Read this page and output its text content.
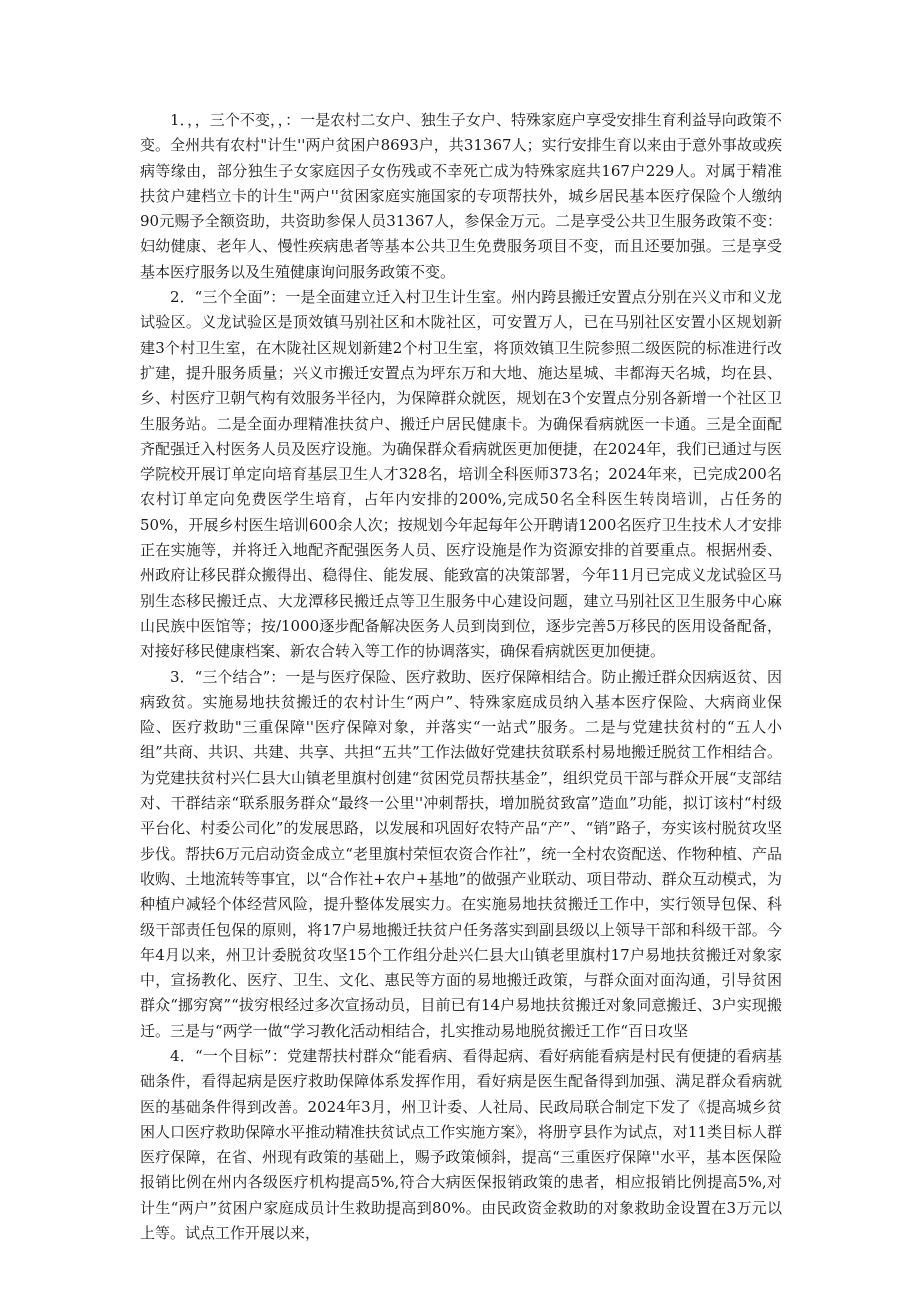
1．，，三个不变，，：一是农村二女户、独生子女户、特殊家庭户享受安排生育利益导向政策不变。全州共有农村"计生''两户贫困户8693户，共31367人；实行安排生育以来由于意外事故或疾病等缘由，部分独生子女家庭因子女伤残或不幸死亡成为特殊家庭共167户229人。对属于精准扶贫户建档立卡的计生"两户''贫困家庭实施国家的专项帮扶外，城乡居民基本医疗保险个人缴纳90元赐予全额资助，共资助参保人员31367人，参保金万元。二是享受公共卫生服务政策不变：妇幼健康、老年人、慢性疾病患者等基本公共卫生免费服务项目不变，而且还要加强。三是享受基本医疗服务以及生殖健康询问服务政策不变。

2．“三个全面”：一是全面建立迁入村卫生计生室。州内跨县搬迁安置点分别在兴义市和义龙试验区。义龙试验区是顶效镇马别社区和木陇社区，可安置万人，已在马别社区安置小区规划新建3个村卫生室，在木陇社区规划新建2个村卫生室，将顶效镇卫生院参照二级医院的标准进行改扩建，提升服务质量；兴义市搬迁安置点为坪东万和大地、施达星城、丰都海天名城，均在县、乡、村医疗卫朝气构有效服务半径内，为保障群众就医，规划在3个安置点分别各新增一个社区卫生服务站。二是全面办理精准扶贫户、搬迁户居民健康卡。为确保看病就医一卡通。三是全面配齐配强迁入村医务人员及医疗设施。为确保群众看病就医更加便捷，在2024年，我们已通过与医学院校开展订单定向培育基层卫生人才328名，培训全科医师373名；2024年来，已完成200名农村订单定向免费医学生培育，占年内安排的200%,完成50名全科医生转岗培训，占任务的50%，开展乡村医生培训600余人次；按规划今年起每年公开聘请1200名医疗卫生技术人才安排正在实施等，并将迁入地配齐配强医务人员、医疗设施是作为资源安排的首要重点。根据州委、州政府让移民群众搬得出、稳得住、能发展、能致富的决策部署，今年11月已完成义龙试验区马别生态移民搬迁点、大龙潭移民搬迁点等卫生服务中心建设问题，建立马别社区卫生服务中心麻山民族中医馆等；按/1000逐步配备解决医务人员到岗到位，逐步完善5万移民的医用设备配备，对接好移民健康档案、新农合转入等工作的协调落实，确保看病就医更加便捷。

3．“三个结合”：一是与医疗保险、医疗救助、医疗保障相结合。防止搬迁群众因病返贫、因病致贫。实施易地扶贫搬迁的农村计生“两户”、特殊家庭成员纳入基本医疗保险、大病商业保险、医疗救助"三重保障''医疗保障对象，并落实“一站式”服务。二是与党建扶贫村的“五人小组”共商、共识、共建、共享、共担“五共”工作法做好党建扶贫联系村易地搬迁脱贫工作相结合。为党建扶贫村兴仁县大山镇老里旗村创建“贫困党员帮扶基金”，组织党员干部与群众开展“支部结对、干群结亲“联系服务群众“最终一公里''冲刺帮扶，增加脱贫致富”造血”功能，拟订该村“村级平台化、村委公司化”的发展思路，以发展和巩固好农特产品“产”、“销”路子，夯实该村脱贫攻坚步伐。帮扶6万元启动资金成立“老里旗村荣恒农资合作社”，统一全村农资配送、作物种植、产品收购、土地流转等事宜，以“合作社+农户+基地”的做强产业联动、项目带动、群众互动模式，为种植户减轻个体经营风险，提升整体发展实力。在实施易地扶贫搬迁工作中，实行领导包保、科级干部责任包保的原则，将17户易地搬迁扶贫户任务落实到副县级以上领导干部和科级干部。今年4月以来，州卫计委脱贫攻坚15个工作组分赴兴仁县大山镇老里旗村17户易地扶贫搬迁对象家中，宣扬教化、医疗、卫生、文化、惠民等方面的易地搬迁政策，与群众面对面沟通，引导贫困群众“挪穷窝”“拔穷根经过多次宣扬动员，目前已有14户易地扶贫搬迁对象同意搬迁、3户实现搬迁。三是与“两学一做“学习教化活动相结合，扎实推动易地脱贫搬迁工作“百日攻坚

4．“一个目标”：党建帮扶村群众“能看病、看得起病、看好病能看病是村民有便捷的看病基础条件，看得起病是医疗救助保障体系发挥作用，看好病是医生配备得到加强、满足群众看病就医的基础条件得到改善。2024年3月，州卫计委、人社局、民政局联合制定下发了《提高城乡贫困人口医疗救助保障水平推动精准扶贫试点工作实施方案》，将册亨县作为试点，对11类目标人群医疗保障，在省、州现有政策的基础上，赐予政策倾斜，提高“三重医疗保障''水平，基本医保险报销比例在州内各级医疗机构提高5%,符合大病医保报销政策的患者，相应报销比例提高5%,对计生“两户”贫困户家庭成员计生救助提高到80%。由民政资金救助的对象救助金设置在3万元以上等。试点工作开展以来，
